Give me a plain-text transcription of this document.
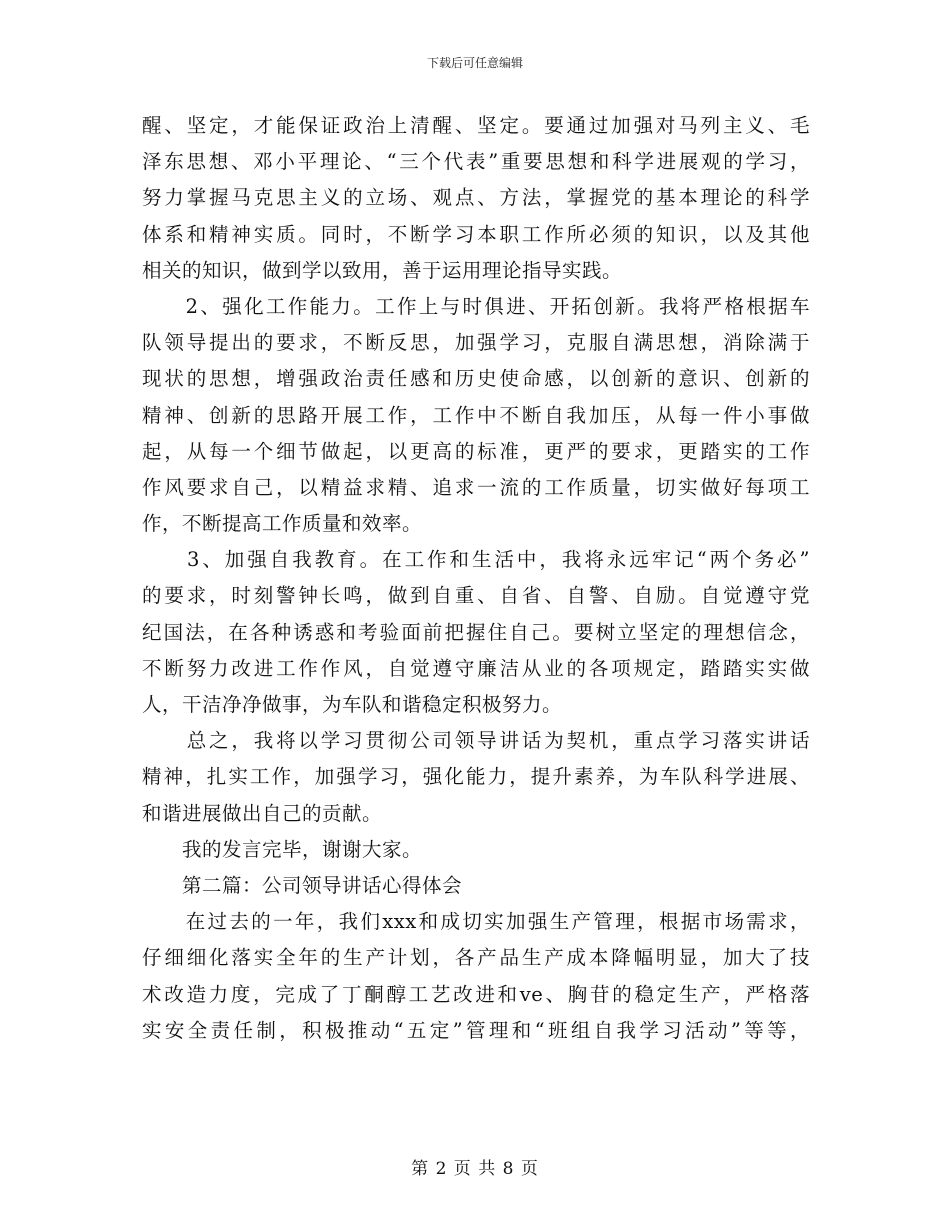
下载后可任意编辑
醒、坚定，才能保证政治上清醒、坚定。要通过加强对马列主义、毛
泽东思想、邓小平理论、“三个代表”重要思想和科学进展观的学习，
努力掌握马克思主义的立场、观点、方法，掌握党的基本理论的科学
体系和精神实质。同时，不断学习本职工作所必须的知识，以及其他
相关的知识，做到学以致用，善于运用理论指导实践。
　　2、强化工作能力。工作上与时俱进、开拓创新。我将严格根据车
队领导提出的要求，不断反思，加强学习，克服自满思想，消除满于
现状的思想，增强政治责任感和历史使命感，以创新的意识、创新的
精神、创新的思路开展工作，工作中不断自我加压，从每一件小事做
起，从每一个细节做起，以更高的标准，更严的要求，更踏实的工作
作风要求自己，以精益求精、追求一流的工作质量，切实做好每项工
作，不断提高工作质量和效率。
　　3、加强自我教育。在工作和生活中，我将永远牢记“两个务必”
的要求，时刻警钟长鸣，做到自重、自省、自警、自励。自觉遵守党
纪国法，在各种诱惑和考验面前把握住自己。要树立坚定的理想信念，
不断努力改进工作作风，自觉遵守廉洁从业的各项规定，踏踏实实做
人，干洁净净做事，为车队和谐稳定积极努力。
　　总之，我将以学习贯彻公司领导讲话为契机，重点学习落实讲话
精神，扎实工作，加强学习，强化能力，提升素养，为车队科学进展、
和谐进展做出自己的贡献。
　　我的发言完毕，谢谢大家。
　　第二篇：公司领导讲话心得体会
　　在过去的一年，我们xxx和成切实加强生产管理，根据市场需求，
仔细细化落实全年的生产计划，各产品生产成本降幅明显，加大了技
术改造力度，完成了丁酮醇工艺改进和ve、胸苷的稳定生产，严格落
实安全责任制，积极推动“五定”管理和“班组自我学习活动”等等，
第 2 页 共 8 页
